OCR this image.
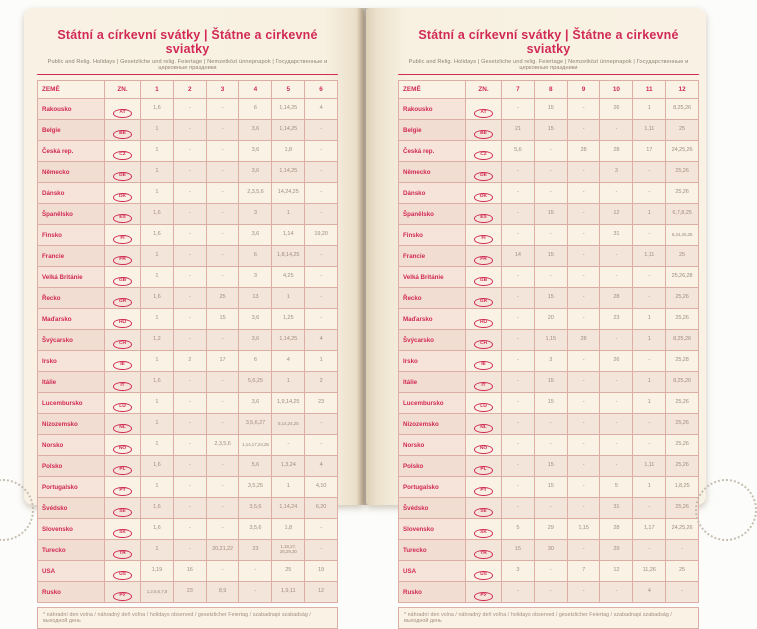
Státní a církevní svátky | Štátne a cirkevné sviatky
Public and Relig. Holidays | Gesetzliche und relig. Feiertage | Nemzetközi ünnepnapok | Государственные и церковные праздники
ZEMĚ	ZN.	1	2	3	4	5	6
Rakousko	AT	1,6	-	-	6	1,14,25	4
Belgie	BE	1	-	-	3,6	1,14,25	-
Česká rep.	CZ	1	-	-	3,6	1,8	-
Německo	DE	1	-	-	3,6	1,14,25	-
Dánsko	DK	1	-	-	2,3,5,6	14,24,25	-
Španělsko	ES	1,6	-	-	3	1	-
Finsko	FI	1,6	-	-	3,6	1,14	19,20
Francie	FR	1	-	-	6	1,8,14,25	-
Velká Británie	GB	1	-	-	3	4,25	-
Řecko	GR	1,6	-	25	13	1	-
Maďarsko	HU	1	-	15	3,6	1,25	-
Švýcarsko	CH	1,2	-	-	3,6	1,14,25	4
Irsko	IE	1	2	17	6	4	1
Itálie	IT	1,6	-	-	5,6,25	1	2
Lucembursko	LU	1	-	-	3,6	1,9,14,25	23
Nizozemsko	NL	1	-	-	3,5,6,27	5,14,24,25	-
Norsko	NO	1	-	2,3,5,6	1,14,17,24,25	-	-
Polsko	PL	1,6	-	-	5,6	1,3,24	4
Portugalsko	PT	1	-	-	3,5,25	1	4,10
Švédsko	SE	1,6	-	-	3,5,6	1,14,24	6,20
Slovensko	SK	1,6	-	-	3,5,6	1,8	-
Turecko	TR	1	-	20,21,22	23	1,19,27, 28,29,30	-
USA	US	1,19	16	-	-	25	19
Rusko	РУ	1,2,5,6,7,8	23	8,9	-	1,9,11	12
* náhradní den volna / náhradný deň voľna / holidays observed / gesetzlicher Feiertag / szabadnapi szabadság / выходной день
Státní a církevní svátky | Štátne a cirkevné sviatky
Public and Relig. Holidays | Gesetzliche und relig. Feiertage | Nemzetközi ünnepnapok | Государственные и церковные праздники
ZEMĚ	ZN.	7	8	9	10	11	12
Rakousko	AT	-	15	-	26	1	8,25,26
Belgie	BE	21	15	-	-	1,11	25
Česká rep.	CZ	5,6	-	28	28	17	24,25,26
Německo	DE	-	-	-	3	-	25,26
Dánsko	DK	-	-	-	-	-	25,26
Španělsko	ES	-	15	-	12	1	6,7,8,25
Finsko	FI	-	-	-	31	-	6,24,25,26
Francie	FR	14	15	-	-	1,11	25
Velká Británie	GB	-	-	-	-	-	25,26,28
Řecko	GR	-	15	-	28	-	25,26
Maďarsko	HU	-	20	-	23	1	25,26
Švýcarsko	CH	-	1,15	28	-	1	8,25,26
Irsko	IE	-	3	-	26	-	25,28
Itálie	IT	-	15	-	-	1	8,25,26
Lucembursko	LU	-	15	-	-	1	25,26
Nizozemsko	NL	-	-	-	-	-	25,26
Norsko	NO	-	-	-	-	-	25,26
Polsko	PL	-	15	-	-	1,11	25,26
Portugalsko	PT	-	15	-	5	1	1,8,25
Švédsko	SE	-	-	-	31	-	25,26
Slovensko	SK	5	29	1,15	28	1,17	24,25,26
Turecko	TR	15	30	-	29	-	-
USA	US	3	-	7	12	11,26	25
Rusko	РУ	-	-	-	-	4	-
* náhradní den volna / náhradný deň voľna / holidays observed / gesetzlicher Feiertag / szabadnapi szabadság / выходной день
